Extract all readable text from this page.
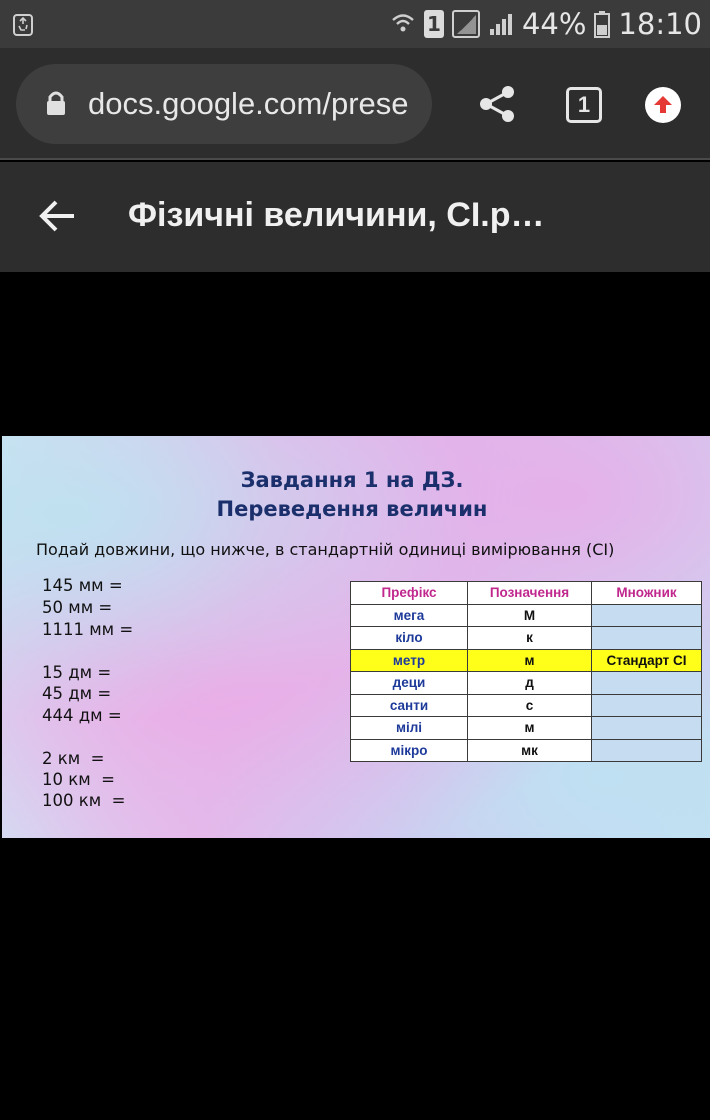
1	44% 18:10
docs.google.com/prese	1
Фізичні величини, СІ.р…
Завдання 1 на ДЗ.
Переведення величин
Подай довжини, що нижче, в стандартній одиниці вимірювання (СІ)
145 мм =
50 мм =
1111 мм =
15 дм =
45 дм =
444 дм =
2 км  =
10 км  =
100 км  =
Префікс	Позначення	Множник
мега	М	
кіло	к	
метр	м	Стандарт СІ
деци	д	
санти	с	
мілі	м	
мікро	мк	
